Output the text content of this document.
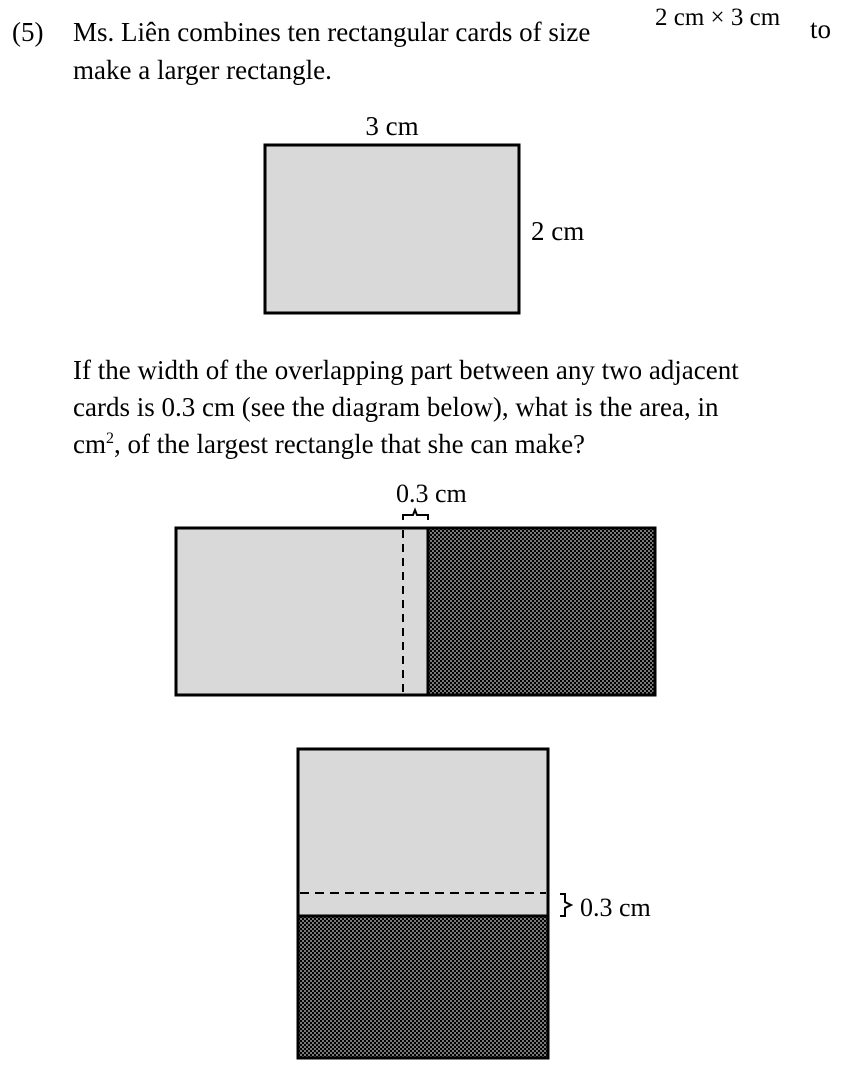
(5) Ms. Liên combines ten rectangular cards of size	2 cm × 3 cm to
make a larger rectangle.
If the width of the overlapping part between any two adjacent
cards is 0.3 cm (see the diagram below), what is the area, in
$cm^2$, of the largest rectangle that she can make?
3 cm
2 cm
0.3 cm
0.3 cm
